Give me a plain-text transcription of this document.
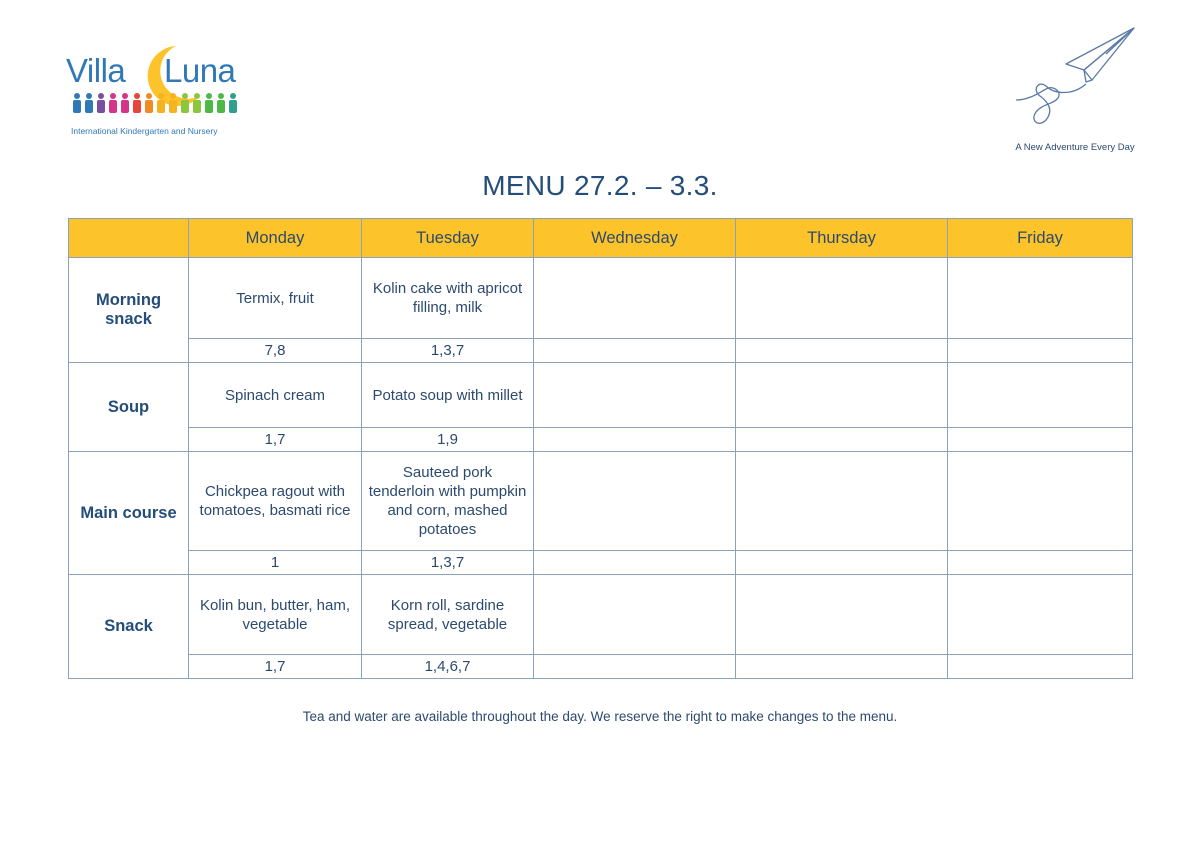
Villa Luna
International Kindergarten and Nursery
A New Adventure Every Day
MENU 27.2. – 3.3.
	Monday	Tuesday	Wednesday	Thursday	Friday
Morning snack	Termix, fruit	Kolin cake with apricot filling, milk			
	7,8	1,3,7			
Soup	Spinach cream	Potato soup with millet			
	1,7	1,9			
Main course	Chickpea ragout with tomatoes, basmati rice	Sauteed pork tenderloin with pumpkin and corn, mashed potatoes			
	1	1,3,7			
Snack	Kolin bun, butter, ham, vegetable	Korn roll, sardine spread, vegetable			
	1,7	1,4,6,7			
Tea and water are available throughout the day. We reserve the right to make changes to the menu.
